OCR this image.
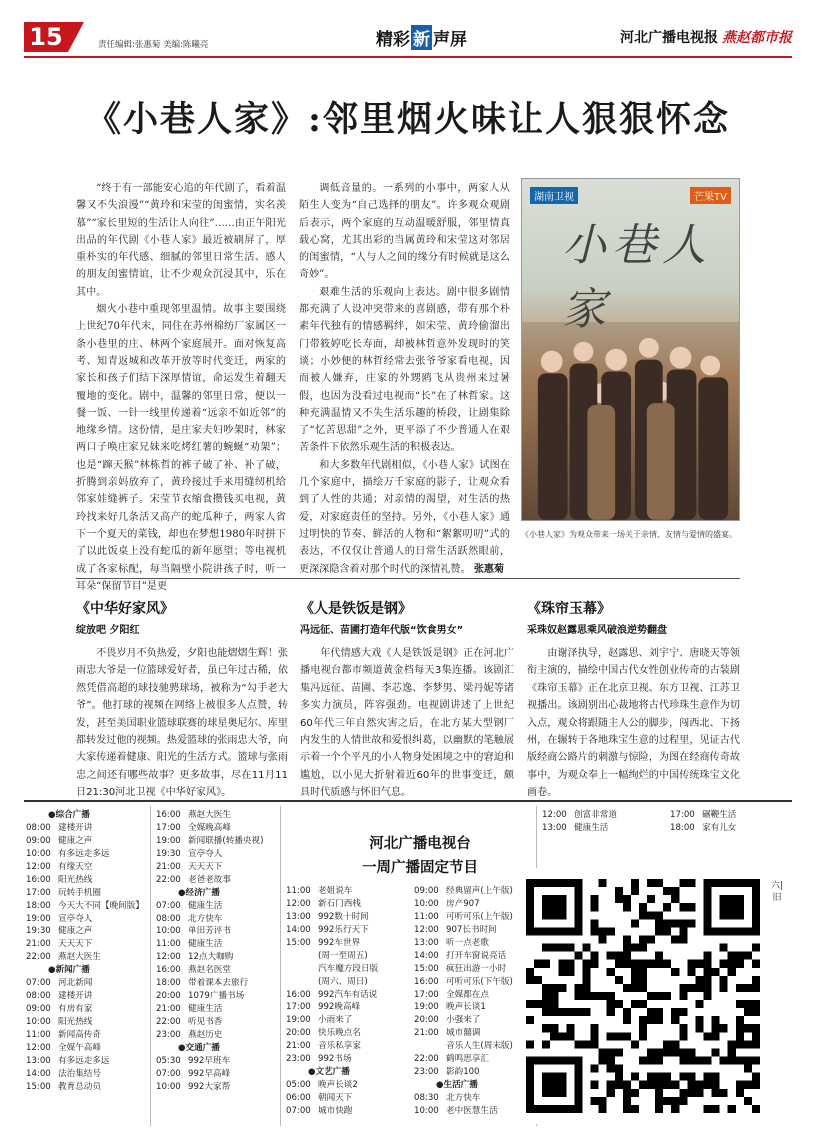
15	责任编辑:张惠菊 美编:陈曦亮	精彩 新 声屏	河北广播电视报 燕赵都市报
《小巷人家》:邻里烟火味让人狠狠怀念

“终于有一部能安心追的年代剧了，看着温馨又不失浪漫”“黄玲和宋莹的闺蜜情，实名羡慕”“家长里短的生活让人向往”……由正午阳光出品的年代剧《小巷人家》最近被刷屏了，厚重朴实的年代感、细腻的邻里日常生活、感人的朋友闺蜜情谊，让不少观众沉浸其中，乐在其中。

烟火小巷中重现邻里温情。故事主要围绕上世纪70年代末，同住在苏州棉纺厂家属区一条小巷里的庄、林两个家庭展开。面对恢复高考、知青返城和改革开放等时代变迁，两家的家长和孩子们结下深厚情谊，命运发生着翻天覆地的变化。剧中，温馨的邻里日常，便以一餐一饭、一针一线里传递着“远亲不如近邻”的地缘乡情。这份情，是庄家夫妇吵架时，林家两口子唤庄家兄妹来吃烤红薯的蜿蜒“劝架”；也是“蹿天猴”林栋哲的裤子破了补、补了破，折腾到亲妈放弃了，黄玲接过手来用缝纫机给邻家娃缝裤子。宋莹节衣缩食攒钱买电视，黄玲找来好几条活又高产的蛇瓜种子，两家人省下一个夏天的菜钱，却也在梦想1980年时拼下了以此饭桌上没有蛇瓜的新年愿望；等电视机成了各家标配，每当隔壁小院讲孩子时，听一耳朵“保留节目”是更

调低音量的。一系列的小事中，两家人从陌生人变为“自己选择的朋友”。许多观众观剧后表示，两个家庭的互动温暖舒服，邻里情真载心窝，尤其出彩的当属黄玲和宋莹这对邻居的闺蜜情，“人与人之间的缘分有时候就是这么奇妙”。

艰难生活的乐观向上表达。剧中很多剧情都充满了人设冲突带来的喜剧感，带有那个朴素年代独有的情感羁绊，如宋莹、黄玲偷溜出门带筱婷吃长寿面，却被林哲意外发现时的笑谈；小妙便的林哲经常去张爷爷家看电视，因而被人嫌弃，庄家的外甥鸥飞从贵州来过暑假，也因为没看过电视而“长”在了林哲家。这种充满温情又不失生活乐趣的桥段，让剧集除了“忆苦思甜”之外，更平添了不少普通人在艰苦条件下依然乐观生活的积极表达。

和大多数年代剧相似，《小巷人家》试图在几个家庭中，描绘万千家庭的影子，让观众看到了人性的共通；对亲情的渴望，对生活的热爱，对家庭责任的坚持。另外，《小巷人家》通过明快的节奏、鲜活的人物和“絮絮叨叨”式的表达，不仅仅让普通人的日常生活跃然眼前，更深深隐含着对那个时代的深情礼赞。 张惠菊

湖南卫视	芒果TV
小巷人家
《小巷人家》为观众带来一场关于亲情、友情与爱情的盛宴。
《中华好家风》
绽放吧 夕阳红

不畏岁月不负热爱，夕阳也能熠熠生辉！张雨忠大爷是一位篮球爱好者，虽已年过古稀，依然凭借高超的球技驰骋球场，被称为“勾手老大爷”。他打球的视频在网络上被很多人点赞，转发，甚至美国职业篮球联赛的球星奥尼尔、库里都转发过他的视频。热爱篮球的张雨忠大爷，向大家传递着健康、阳光的生活方式。篮球与张雨忠之间还有哪些故事？更多故事，尽在11月11日21:30河北卫视《中华好家风》。

《人是铁饭是钢》
冯远征、苗圃打造年代版“饮食男女”

年代情感大戏《人是铁饭是钢》正在河北广播电视台都市频道黄金档每天3集连播。该剧汇集冯远征、苗圃、李芯逸、李梦男、梁丹妮等诸多实力演员，阵容强劲。电视剧讲述了上世纪60年代三年自然灾害之后，在北方某大型钢厂内发生的人情世故和爱恨纠葛，以幽默的笔触展示着一个个平凡的小人物身处困境之中的窘迫和尴尬，以小见大折射着近60年的世事变迁，颇具时代质感与怀旧气息。

《珠帘玉幕》
采珠奴赵露思乘风破浪逆势翻盘

由谢泽执导，赵露思、刘宇宁、唐晓天等领衔主演的，描绘中国古代女性创业传奇的古装剧《珠帘玉幕》正在北京卫视、东方卫视、江苏卫视播出。该剧别出心裁地将古代珍珠生意作为切入点，观众将跟随主人公的脚步，闯西北、下扬州，在辗转于各地珠宝生意的过程里，见证古代版经商公路片的刺激与惊险，为图在经商传奇故事中，为观众奉上一幅绚烂的中国传统珠宝文化画卷。

河北广播电视台
一周广播固定节目
●综合广播
08:00 建楼开讲
09:00 健康之声
10:00 有多远走多远
12:00 有缘天空
16:00 阳光热线
17:00 玩转手机圈
18:00 今天大不同【晚间版】
19:00 宣亭夺人
19:30 健康之声
21:00 天天天下
22:00 燕赵大医生
●新闻广播
07:00 河北新闻
08:00 建楼开讲
09:00 有房有家
10:00 阳光热线
11:00 新闻高传奇
12:00 全媒午高峰
13:00 有多远走多远
14:00 法治集结号
15:00 教育总动员
16:00 燕赵大医生
17:00 全媒晚高峰
19:00 新闻联播(转播央视)
19:30 宣亭夺人
21:00 天天天下
22:00 老爸老故事
●经济广播
07:00 健康生活
08:00 北方快车
10:00 单田芳评书
11:00 健康生活
12:00 12点大咖购
16:00 燕赵名医堂
18:00 带着课本去旅行
20:00 1079广播书场
21:00 健康生活
22:00 听见书香
23:00 燕赵历史
●交通广播
05:30 992早班车
07:00 992早高峰
10:00 992大家帮
11:00 老姐说车
12:00 新石门西栈
13:00 992数十时间
14:00 992乐行天下
15:00 992车世界
(周一至周五)
汽车魔方段日版
(周六、周日)
16:00 992汽车有话说
17:00 992晚高峰
19:00 小雨来了
20:00 快乐晚点名
21:00 音乐私享家
23:00 992书场
●文艺广播
05:00 晚声长谈2
06:00 朝闻天下
07:00 城市快跑
09:00 经典留声(上午版)
10:00 房产907
11:00 可听可乐(上午版)
12:00 907长书时间
13:00 听一点老歌
14:00 打开车窗说亮话
15:00 疯狂出游一小时
16:00 可听可乐(下午版)
17:00 全媒都在点
19:00 晚声长谈1
20:00 小强来了
21:00 城市囍调
音乐人生(周末版)
22:00 鹤鸣思享汇
23:00 影韵100
●生活广播
08:30 北方快车
10:00 老中医慧生活
12:00 创富非常道
13:00 健康生活
17:00 碾鞭生活
18:00 家有儿女
六|旧
